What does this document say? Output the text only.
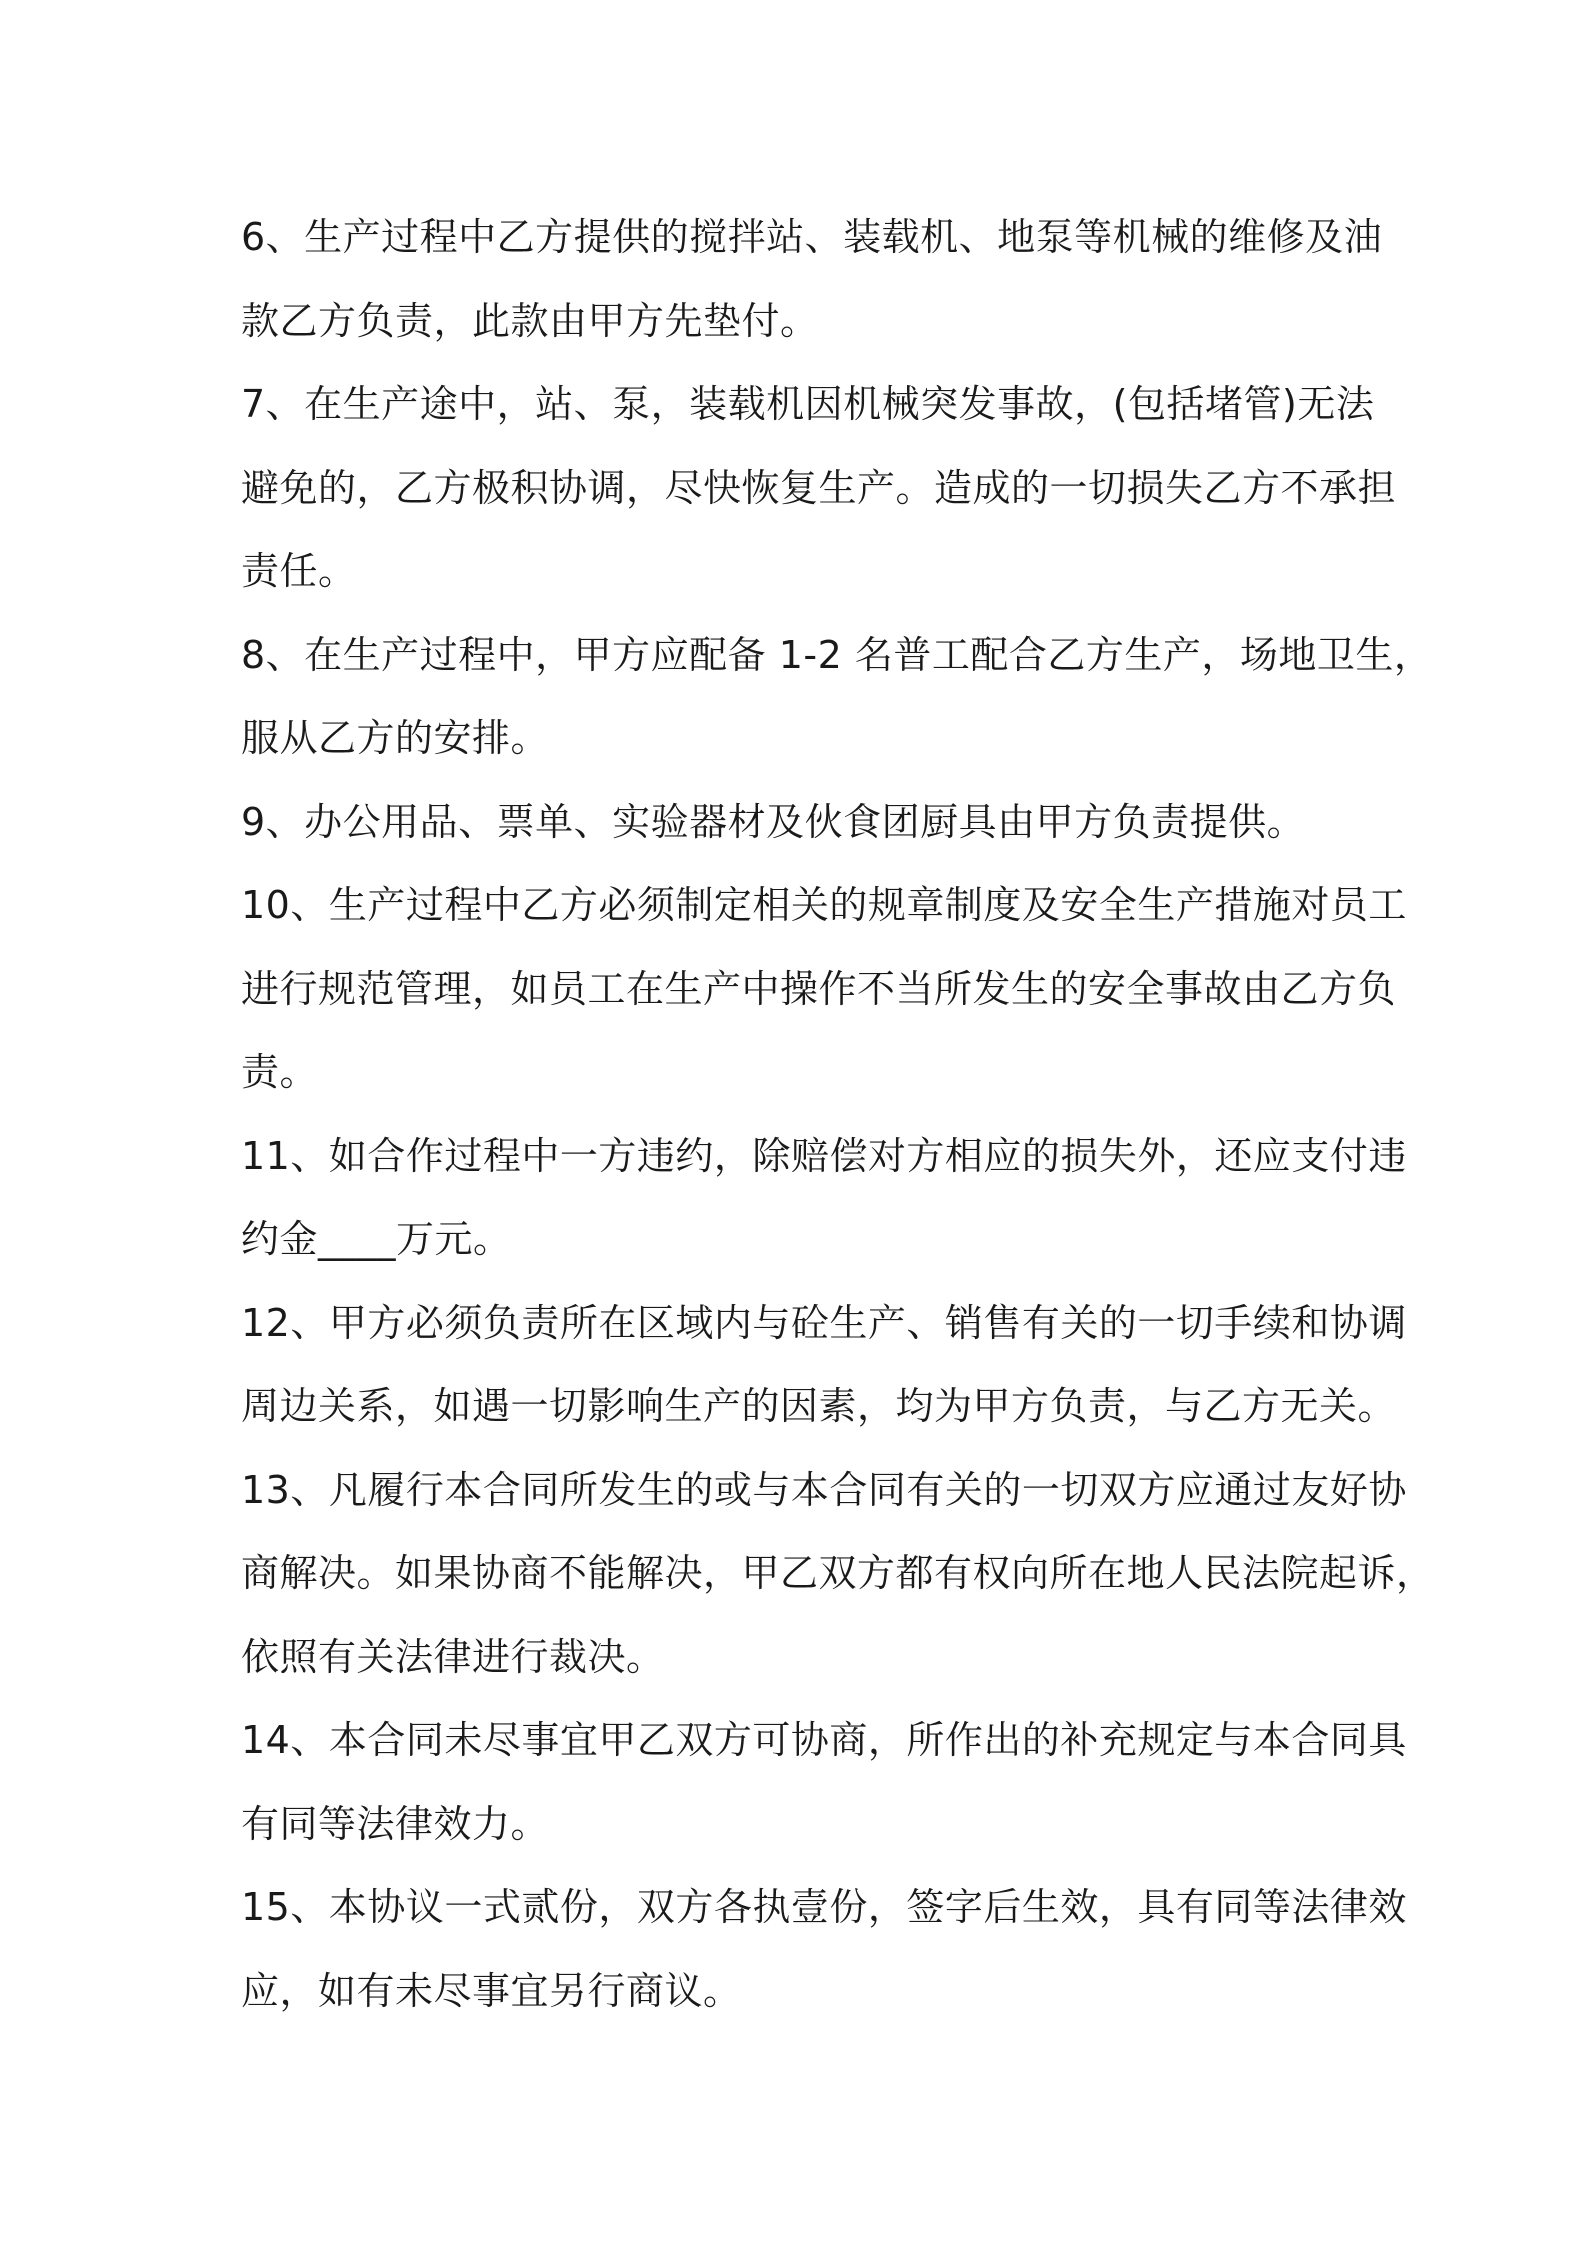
6、生产过程中乙方提供的搅拌站、装载机、地泵等机械的维修及油
款乙方负责，此款由甲方先垫付。
7、在生产途中，站、泵，装载机因机械突发事故，(包括堵管)无法
避免的，乙方极积协调，尽快恢复生产。造成的一切损失乙方不承担
责任。
8、在生产过程中，甲方应配备 1-2 名普工配合乙方生产，场地卫生，
服从乙方的安排。
9、办公用品、票单、实验器材及伙食团厨具由甲方负责提供。
10、生产过程中乙方必须制定相关的规章制度及安全生产措施对员工
进行规范管理，如员工在生产中操作不当所发生的安全事故由乙方负
责。
11、如合作过程中一方违约，除赔偿对方相应的损失外，还应支付违
约金____万元。
12、甲方必须负责所在区域内与砼生产、销售有关的一切手续和协调
周边关系，如遇一切影响生产的因素，均为甲方负责，与乙方无关。
13、凡履行本合同所发生的或与本合同有关的一切双方应通过友好协
商解决。如果协商不能解决，甲乙双方都有权向所在地人民法院起诉，
依照有关法律进行裁决。
14、本合同未尽事宜甲乙双方可协商，所作出的补充规定与本合同具
有同等法律效力。
15、本协议一式贰份，双方各执壹份，签字后生效，具有同等法律效
应，如有未尽事宜另行商议。
